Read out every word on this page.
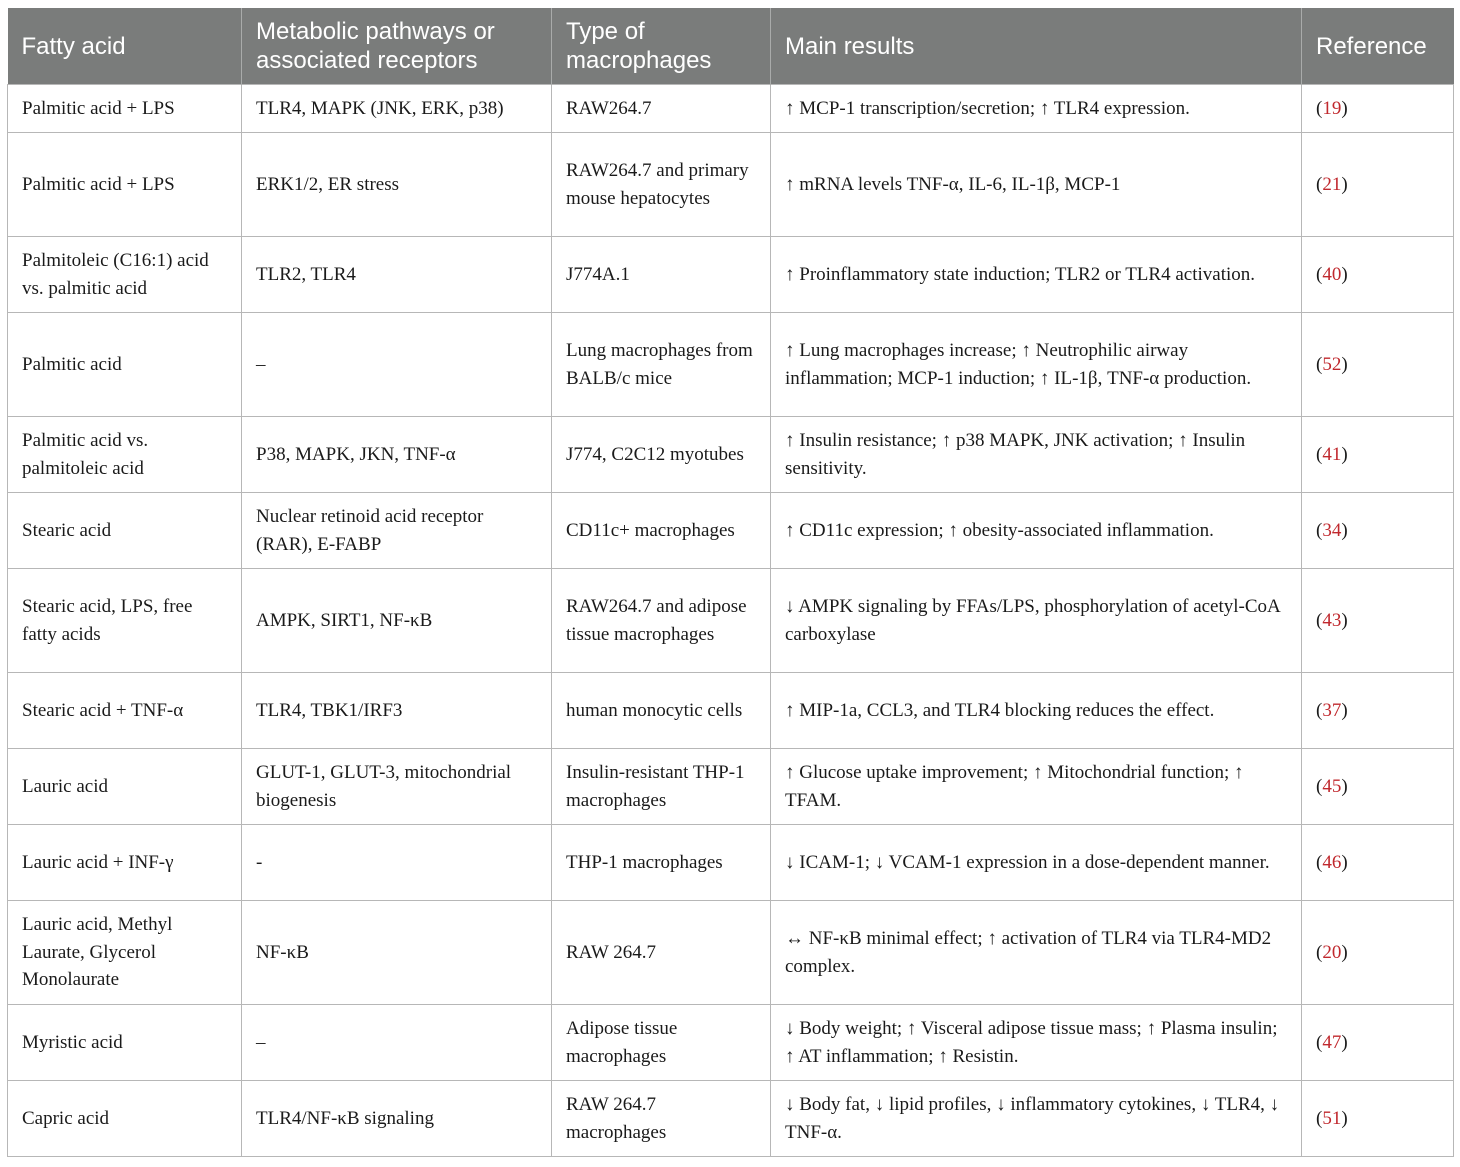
Fatty acid	Metabolic pathways or associated receptors	Type of macrophages	Main results	Reference
Palmitic acid + LPS	TLR4, MAPK (JNK, ERK, p38)	RAW264.7	↑ MCP-1 transcription/secretion; ↑ TLR4 expression.	(19)
Palmitic acid + LPS	ERK1/2, ER stress	RAW264.7 and primary mouse hepatocytes	↑ mRNA levels TNF-α, IL-6, IL-1β, MCP-1	(21)
Palmitoleic (C16:1) acid vs. palmitic acid	TLR2, TLR4	J774A.1	↑ Proinflammatory state induction; TLR2 or TLR4 activation.	(40)
Palmitic acid	–	Lung macrophages from BALB/c mice	↑ Lung macrophages increase; ↑ Neutrophilic airway inflammation; MCP-1 induction; ↑ IL-1β, TNF-α production.	(52)
Palmitic acid vs. palmitoleic acid	P38, MAPK, JKN, TNF-α	J774, C2C12 myotubes	↑ Insulin resistance; ↑ p38 MAPK, JNK activation; ↑ Insulin sensitivity.	(41)
Stearic acid	Nuclear retinoid acid receptor (RAR), E-FABP	CD11c+ macrophages	↑ CD11c expression; ↑ obesity-associated inflammation.	(34)
Stearic acid, LPS, free fatty acids	AMPK, SIRT1, NF-κB	RAW264.7 and adipose tissue macrophages	↓ AMPK signaling by FFAs/LPS, phosphorylation of acetyl-CoA carboxylase	(43)
Stearic acid + TNF-α	TLR4, TBK1/IRF3	human monocytic cells	↑ MIP-1a, CCL3, and TLR4 blocking reduces the effect.	(37)
Lauric acid	GLUT-1, GLUT-3, mitochondrial biogenesis	Insulin-resistant THP-1 macrophages	↑ Glucose uptake improvement; ↑ Mitochondrial function; ↑ TFAM.	(45)
Lauric acid + INF-γ	-	THP-1 macrophages	↓ ICAM-1; ↓ VCAM-1 expression in a dose-dependent manner.	(46)
Lauric acid, Methyl Laurate, Glycerol Monolaurate	NF-κB	RAW 264.7	↔ NF-κB minimal effect; ↑ activation of TLR4 via TLR4-MD2 complex.	(20)
Myristic acid	–	Adipose tissue macrophages	↓ Body weight; ↑ Visceral adipose tissue mass; ↑ Plasma insulin; ↑ AT inflammation; ↑ Resistin.	(47)
Capric acid	TLR4/NF-κB signaling	RAW 264.7 macrophages	↓ Body fat, ↓ lipid profiles, ↓ inflammatory cytokines, ↓ TLR4, ↓ TNF-α.	(51)
